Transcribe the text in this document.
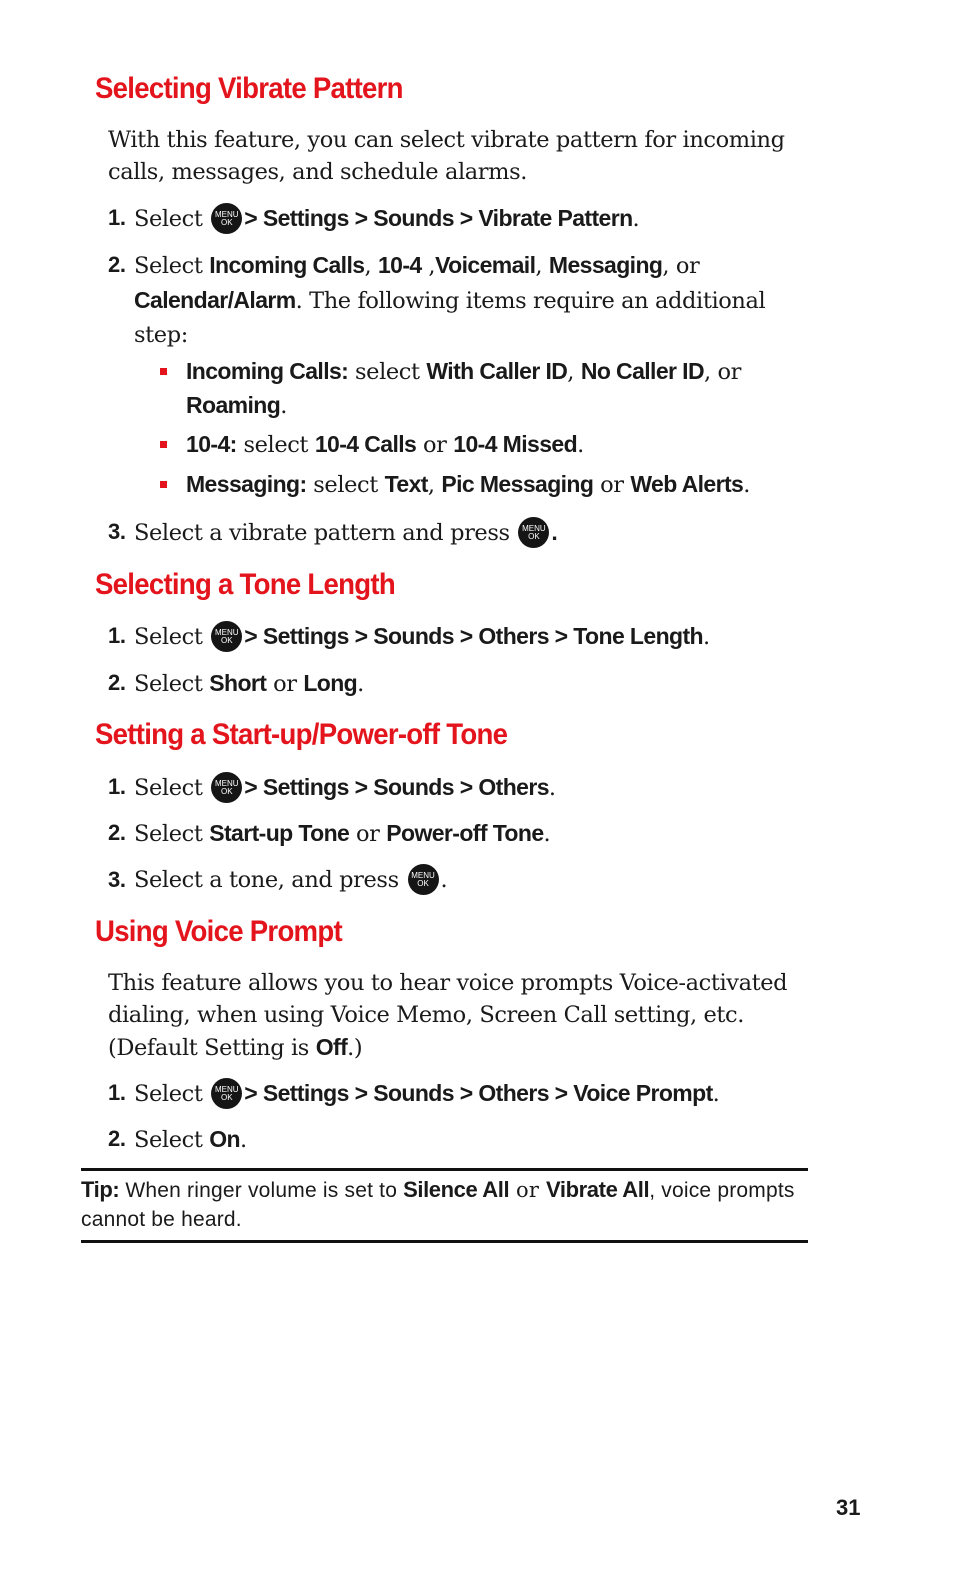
Selecting Vibrate Pattern

With this feature, you can select vibrate pattern for incoming calls, messages, and schedule alarms.

1. Select	MENU
OK > Settings > Sounds > Vibrate Pattern.
2. Select Incoming Calls, 10-4 ,Voicemail, Messaging, or Calendar/Alarm. The following items require an additional step:
Incoming Calls: select With Caller ID, No Caller ID, or Roaming.
10-4: select 10-4 Calls or 10-4 Missed.
Messaging: select Text, Pic Messaging or Web Alerts.
3. Select a vibrate pattern and press	MENU
OK .
Selecting a Tone Length
1. Select	MENU
OK > Settings > Sounds > Others > Tone Length.
2. Select Short or Long.
Setting a Start-up/Power-off Tone
1. Select	MENU
OK > Settings > Sounds > Others.
2. Select Start-up Tone or Power-off Tone.
3. Select a tone, and press	MENU
OK .
Using Voice Prompt

This feature allows you to hear voice prompts Voice-activated dialing, when using Voice Memo, Screen Call setting, etc. (Default Setting is Off.)

1. Select	MENU
OK > Settings > Sounds > Others > Voice Prompt.
2. Select On.

Tip: When ringer volume is set to Silence All or Vibrate All, voice prompts cannot be heard.

31
